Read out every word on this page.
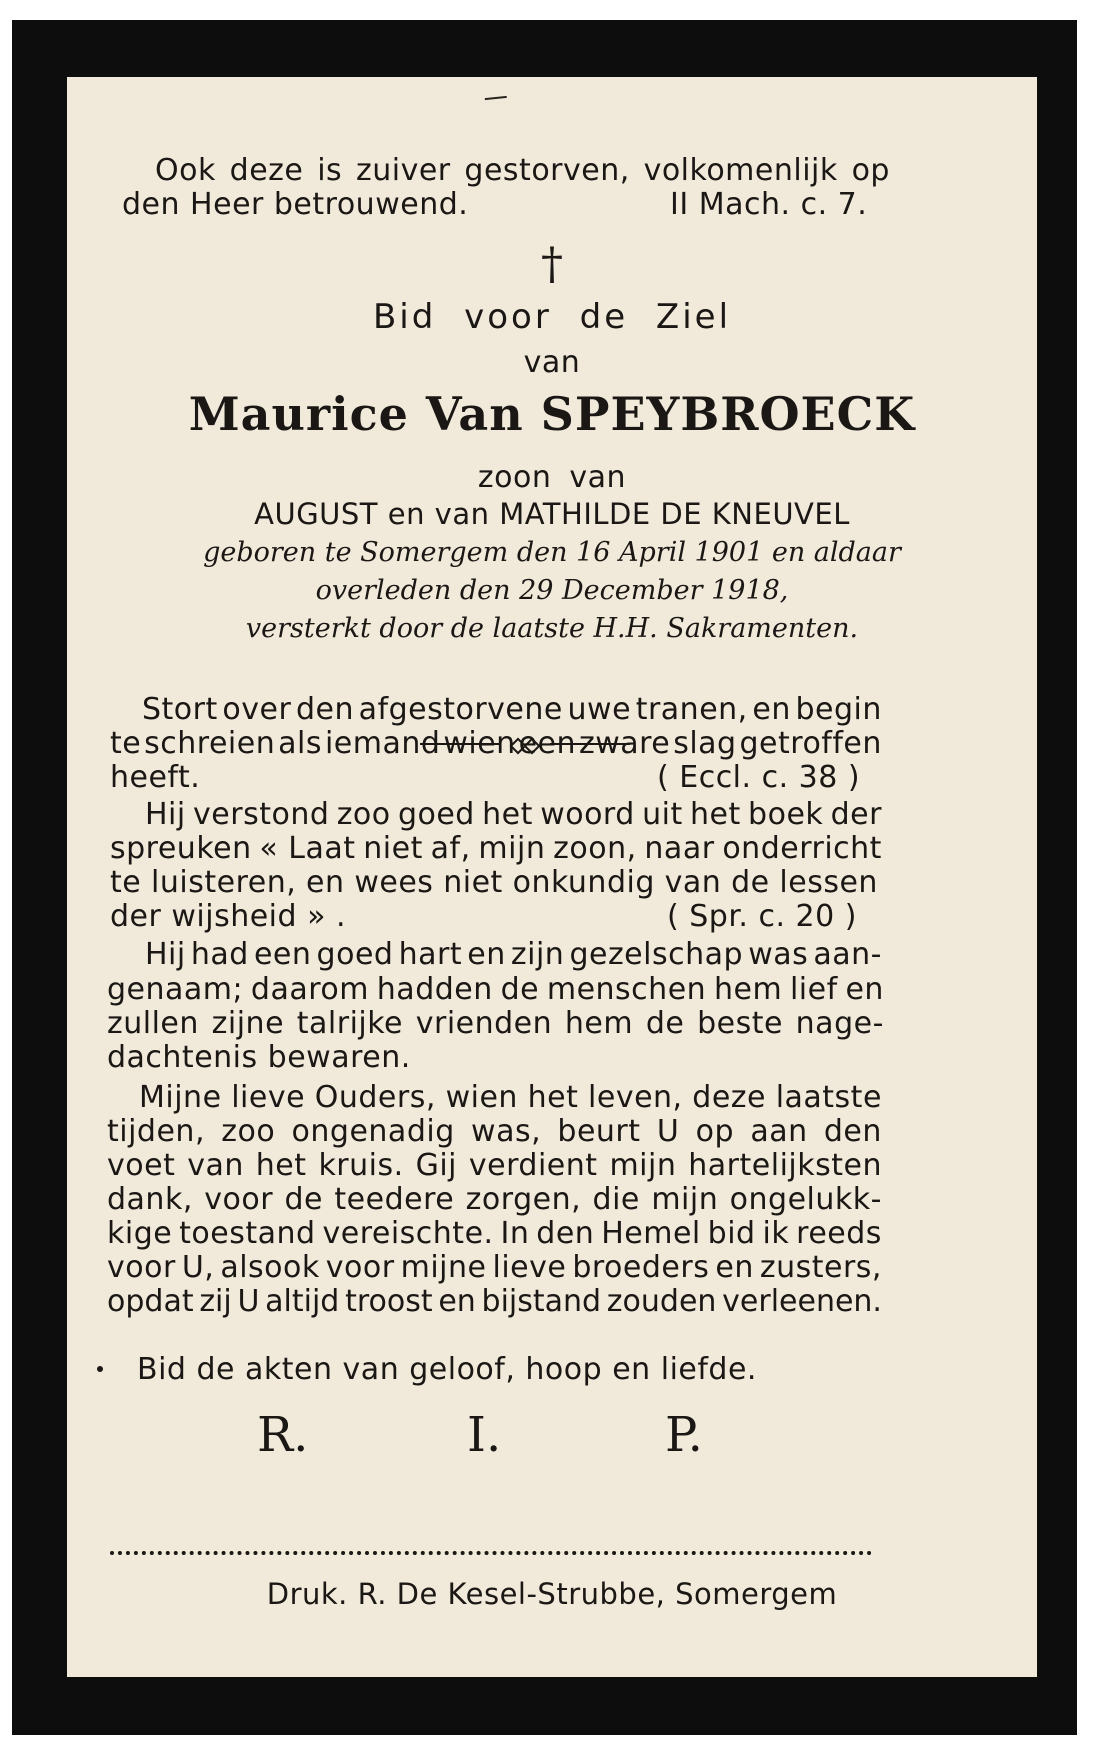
Ook deze is zuiver gestorven, volkomenlijk op
den Heer betrouwend.	II Mach. c. 7.
†
Bid voor de Ziel
van
Maurice Van SPEYBROECK
zoon van
AUGUST en van MATHILDE DE KNEUVEL
geboren te Somergem den 16 April 1901 en aldaar
overleden den 29 December 1918,
versterkt door de laatste H.H. Sakramenten.
Stort over den afgestorvene uwe tranen, en begin
te schreien als iemand wien een zware slag getroffen
heeft.	( Eccl. c. 38 )
Hij verstond zoo goed het woord uit het boek der
spreuken « Laat niet af, mijn zoon, naar onderricht
te luisteren, en wees niet onkundig van de lessen
der wijsheid » .	( Spr. c. 20 )
Hij had een goed hart en zijn gezelschap was aan-
genaam; daarom hadden de menschen hem lief en
zullen zijne talrijke vrienden hem de beste nage-
dachtenis bewaren.
Mijne lieve Ouders, wien het leven, deze laatste
tijden, zoo ongenadig was, beurt U op aan den
voet van het kruis. Gij verdient mijn hartelijksten
dank, voor de teedere zorgen, die mijn ongelukk-
kige toestand vereischte. In den Hemel bid ik reeds
voor U, alsook voor mijne lieve broeders en zusters,
opdat zij U altijd troost en bijstand zouden verleenen.
Bid de akten van geloof, hoop en liefde.
R.	I.	P.
Druk. R. De Kesel-Strubbe, Somergem
